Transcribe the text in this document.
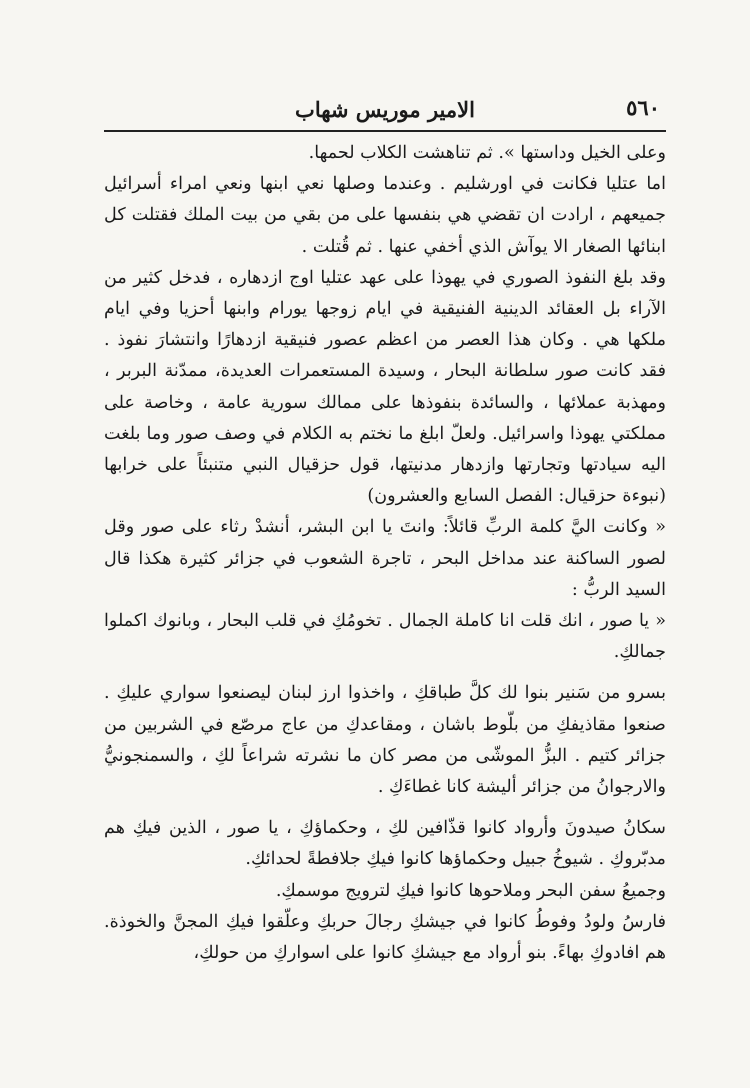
٥٦٠
الامير موريس شهاب

وعلى الخيل وداستها ». ثم تناهشت الكلاب لحمها.

اما عتليا فكانت في اورشليم . وعندما وصلها نعي ابنها ونعي امراء أسرائيل جميعهم ، ارادت ان تقضي هي بنفسها على من بقي من بيت الملك فقتلت كل ابنائها الصغار الا يوآش الذي أخفي عنها . ثم قُتلت .

وقد بلغ النفوذ الصوري في يهوذا على عهد عتليا اوج ازدهاره ، فدخل كثير من الآراء بل العقائد الدينية الفنيقية في ايام زوجها يورام وابنها أحزيا وفي ايام ملكها هي . وكان هذا العصر من اعظم عصور فنيقية ازدهارًا وانتشارَ نفوذ . فقد كانت صور سلطانة البحار ، وسيدة المستعمرات العديدة، ممدّنة البربر ، ومهذبة عملائها ، والسائدة بنفوذها على ممالك سورية عامة ، وخاصة على مملكتي يهوذا واسرائيل. ولعلّ ابلغ ما نختم به الكلام في وصف صور وما بلغت اليه سيادتها وتجارتها وازدهار مدنيتها، قول حزقيال النبي متنبئاً على خرابها (نبوءة حزقيال: الفصل السابع والعشرون)

« وكانت اليَّ كلمة الربِّ قائلاً: وانتَ يا ابن البشر، أنشدْ رثاء على صور وقل لصور الساكنة عند مداخل البحر ، تاجرة الشعوب في جزائر كثيرة هكذا قال السيد الربُّ :

« يا صور ، انك قلت انا كاملة الجمال . تخومُكِ في قلب البحار ، وبانوك اكملوا جمالكِ.

بسرو من سَنير بنوا لك كلَّ طباقكِ ، واخذوا ارز لبنان ليصنعوا سواري عليكِ . صنعوا مقاذيفكِ من بلّوط باشان ، ومقاعدكِ من عاج مرصّع في الشربين من جزائر كتيم . البزُّ الموشّى من مصر كان ما نشرته شراعاً لكِ ، والسمنجونيُّ والارجوانُ من جزائر أليشة كانا غطاءَكِ .

سكانُ صيدونَ وأرواد كانوا قذّافين لكِ ، وحكماؤكِ ، يا صور ، الذين فيكِ هم مدبّروكِ . شيوخُ جبيل وحكماؤها كانوا فيكِ جلافطةً لحدائكِ.

وجميعُ سفن البحر وملاحوها كانوا فيكِ لترويج موسمكِ.

فارسُ ولودُ وفوطُ كانوا في جيشكِ رجالَ حربكِ وعلّقوا فيكِ المجنَّ والخوذة. هم افادوكِ بهاءً. بنو أرواد مع جيشكِ كانوا على اسواركِ من حولكِ،
